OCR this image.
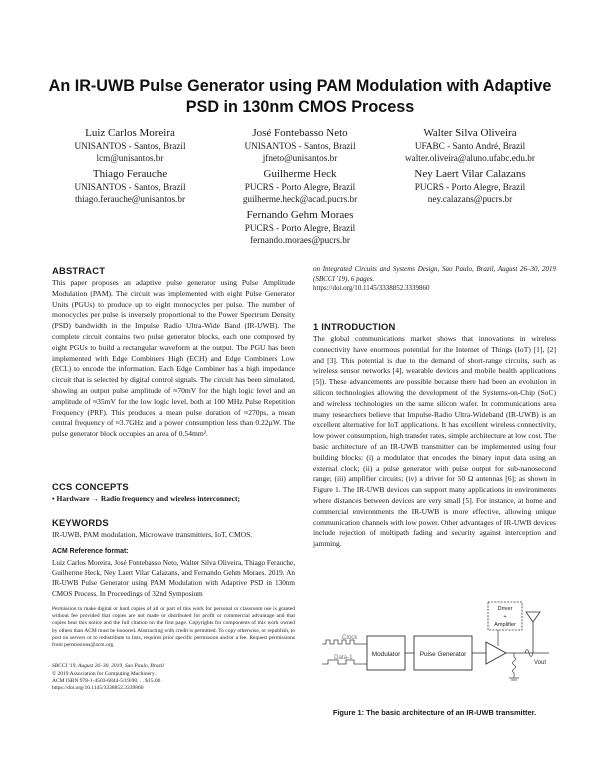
An IR-UWB Pulse Generator using PAM Modulation with Adaptive PSD in 130nm CMOS Process
Luiz Carlos Moreira
UNISANTOS - Santos, Brazil
lcm@unisantos.br
José Fontebasso Neto
UNISANTOS - Santos, Brazil
jfneto@unisantos.br
Walter Silva Oliveira
UFABC - Santo André, Brazil
walter.oliveira@aluno.ufabc.edu.br
Thiago Ferauche
UNISANTOS - Santos, Brazil
thiago.ferauche@unisantos.br
Guilherme Heck
PUCRS - Porto Alegre, Brazil
guilherme.heck@acad.pucrs.br
Ney Laert Vilar Calazans
PUCRS - Porto Alegre, Brazil
ney.calazans@pucrs.br
Fernando Gehm Moraes
PUCRS - Porto Alegre, Brazil
fernando.moraes@pucrs.br
ABSTRACT
This paper proposes an adaptive pulse generator using Pulse Amplitude Modulation (PAM). The circuit was implemented with eight Pulse Generator Units (PGUs) to produce up to eight monocycles per pulse. The number of monocycles per pulse is inversely proportional to the Power Spectrum Density (PSD) bandwidth in the Impulse Radio Ultra-Wide Band (IR-UWB). The complete circuit contains two pulse generator blocks, each one composed by eight PGUs to build a rectangular waveform at the output. The PGU has been implemented with Edge Combiners High (ECH) and Edge Combiners Low (ECL) to encode the information. Each Edge Combiner has a high impedance circuit that is selected by digital control signals. The circuit has been simulated, showing an output pulse amplitude of ≈70mV for the high logic level and an amplitude of ≈35mV for the low logic level, both at 100 MHz Pulse Repetition Frequency (PRF). This produces a mean pulse duration of ≈270ps, a mean central frequency of ≈3.7GHz and a power consumption less than 0.22µW. The pulse generator block occupies an area of 0.54mm².
CCS CONCEPTS
• Hardware → Radio frequency and wireless interconnect;
KEYWORDS
IR-UWB, PAM modulation, Microwave transmitters, IoT, CMOS.
ACM Reference format:
Luiz Carlos Moreira, José Fontebasso Neto, Walter Silva Oliveira, Thiago Ferauche, Guilherme Heck, Ney Laert Vilar Calazans, and Fernando Gehm Moraes. 2019. An IR-UWB Pulse Generator using PAM Modulation with Adaptive PSD in 130nm CMOS Process. In Proceedings of 32nd Symposium
Permission to make digital or hard copies of all or part of this work for personal or classroom use is granted without fee provided that copies are not made or distributed for profit or commercial advantage and that copies bear this notice and the full citation on the first page. Copyrights for components of this work owned by others than ACM must be honored. Abstracting with credit is permitted. To copy otherwise, or republish, to post on servers or to redistribute to lists, requires prior specific permission and/or a fee. Request permissions from permissions@acm.org.
SBCCI '19, August 26–30, 2019, Sao Paulo, Brazil
© 2019 Association for Computing Machinery.
ACM ISBN 978-1-4503-6844-5/19/08. . . $15.00
https://doi.org/10.1145/3338852.3339860
on Integrated Circuits and Systems Design, Sao Paulo, Brazil, August 26–30, 2019 (SBCCI '19), 6 pages.
https://doi.org/10.1145/3338852.3339860
1 INTRODUCTION
The global communications market shows that innovations in wireless connectivity have enormous potential for the Internet of Things (IoT) [1], [2] and [3]. This potential is due to the demand of short-range circuits, such as wireless sensor networks [4], wearable devices and mobile health applications [5]). These advancements are possible because there had been an evolution in silicon technologies allowing the development of the Systems-on-Chip (SoC) and wireless technologies on the same silicon wafer. In communications area many researchers believe that Impulse-Radio Ultra-Wideband (IR-UWB) is an excellent alternative for IoT applications. It has excellent wireless connectivity, low power consumption, high transfer rates, simple architecture at low cost. The basic architecture of an IR-UWB transmitter can be implemented using four building blocks: (i) a modulator that encodes the binary input data using an external clock; (ii) a pulse generator with pulse output for sub-nanosecond range; (iii) amplifier circuits; (iv) a driver for 50 Ω antennas [6]; as shown in Figure 1. The IR-UWB devices can support many applications in environments where distances between devices are very small [5]. For instance, at home and commercial environments the IR-UWB is more effective, allowing unique communication channels with low power. Other advantages of IR-UWB devices include rejection of multipath fading and security against interception and jamming.
Clock
Data-1	Modulator	Pulse Generator
Driver
+
Amplifier
Vout
Figure 1: The basic architecture of an IR-UWB transmitter.
